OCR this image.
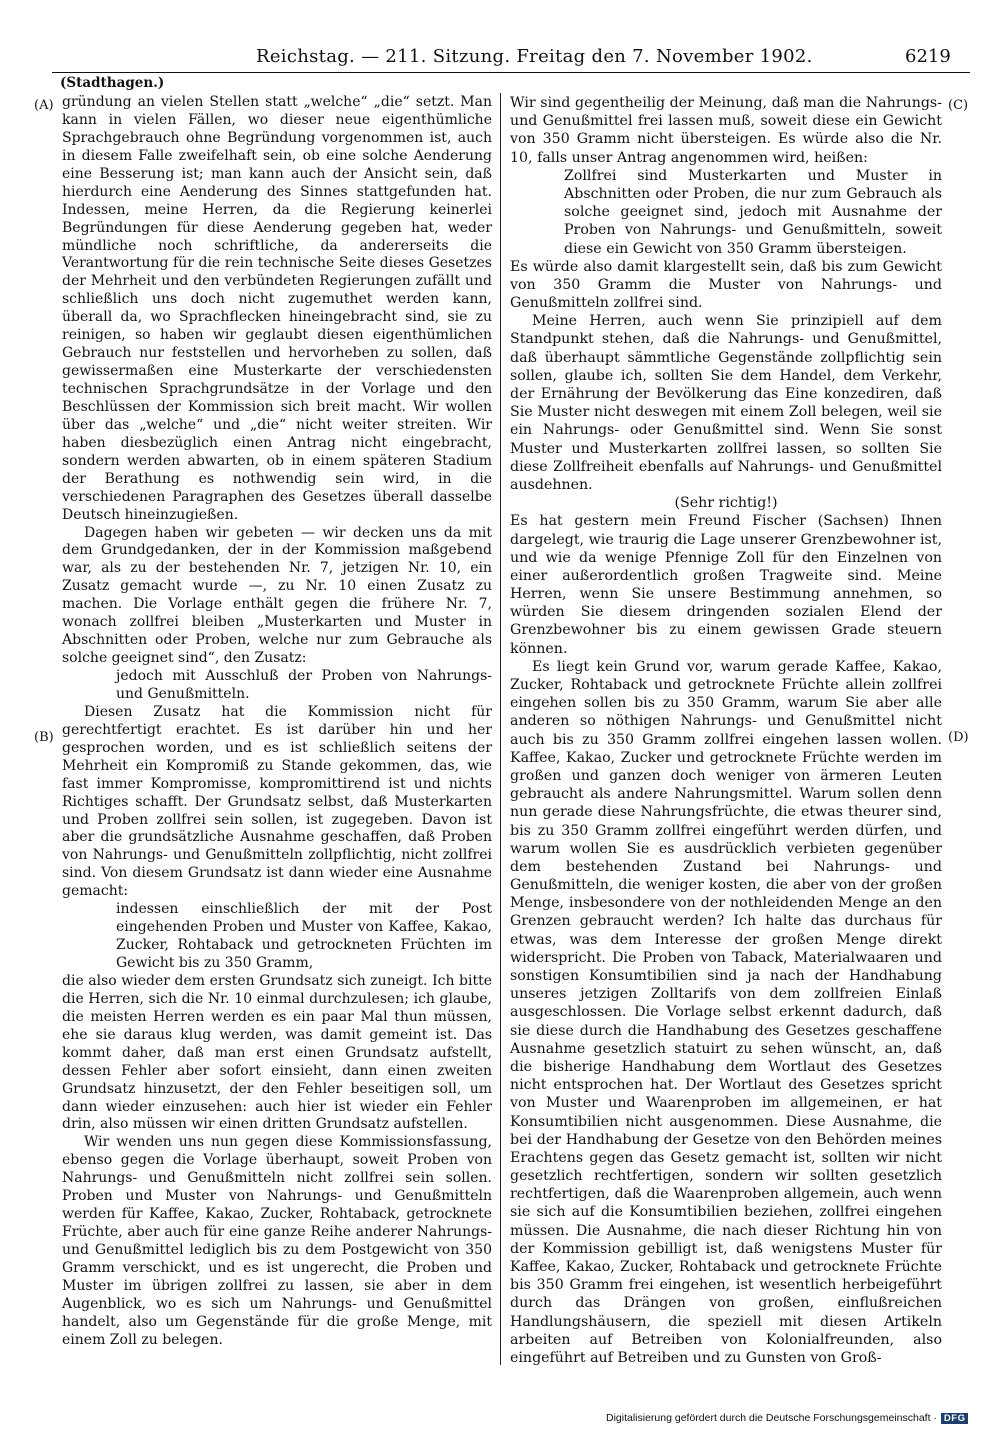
Reichstag. — 211. Sitzung. Freitag den 7. November 1902.	6219
(Stadthagen.)
(A)
(B)
(C)
(D)

gründung an vielen Stellen statt „welche“ „die“ setzt. Man kann in vielen Fällen, wo dieser neue eigenthümliche Sprachgebrauch ohne Begründung vorgenommen ist, auch in diesem Falle zweifelhaft sein, ob eine solche Aenderung eine Besserung ist; man kann auch der Ansicht sein, daß hierdurch eine Aenderung des Sinnes stattgefunden hat. Indessen, meine Herren, da die Regierung keinerlei Begründungen für diese Aenderung gegeben hat, weder mündliche noch schriftliche, da andererseits die Verantwortung für die rein technische Seite dieses Gesetzes der Mehrheit und den verbündeten Regierungen zufällt und schließlich uns doch nicht zugemuthet werden kann, überall da, wo Sprachflecken hineingebracht sind, sie zu reinigen, so haben wir geglaubt diesen eigenthümlichen Gebrauch nur feststellen und hervorheben zu sollen, daß gewissermaßen eine Musterkarte der verschiedensten technischen Sprachgrundsätze in der Vorlage und den Beschlüssen der Kommission sich breit macht. Wir wollen über das „welche“ und „die“ nicht weiter streiten. Wir haben diesbezüglich einen Antrag nicht eingebracht, sondern werden abwarten, ob in einem späteren Stadium der Berathung es nothwendig sein wird, in die verschiedenen Paragraphen des Gesetzes überall dasselbe Deutsch hineinzugießen.

Dagegen haben wir gebeten — wir decken uns da mit dem Grundgedanken, der in der Kommission maßgebend war, als zu der bestehenden Nr. 7, jetzigen Nr. 10, ein Zusatz gemacht wurde —, zu Nr. 10 einen Zusatz zu machen. Die Vorlage enthält gegen die frühere Nr. 7, wonach zollfrei bleiben „Musterkarten und Muster in Abschnitten oder Proben, welche nur zum Gebrauche als solche geeignet sind“, den Zusatz:

jedoch mit Ausschluß der Proben von Nahrungs- und Genußmitteln.

Diesen Zusatz hat die Kommission nicht für gerechtfertigt erachtet. Es ist darüber hin und her gesprochen worden, und es ist schließlich seitens der Mehrheit ein Kompromiß zu Stande gekommen, das, wie fast immer Kompromisse, kompromittirend ist und nichts Richtiges schafft. Der Grundsatz selbst, daß Musterkarten und Proben zollfrei sein sollen, ist zugegeben. Davon ist aber die grundsätzliche Ausnahme geschaffen, daß Proben von Nahrungs- und Genußmitteln zollpflichtig, nicht zollfrei sind. Von diesem Grundsatz ist dann wieder eine Ausnahme gemacht:

indessen einschließlich der mit der Post eingehenden Proben und Muster von Kaffee, Kakao, Zucker, Rohtaback und getrockneten Früchten im Gewicht bis zu 350 Gramm,

die also wieder dem ersten Grundsatz sich zuneigt. Ich bitte die Herren, sich die Nr. 10 einmal durchzulesen; ich glaube, die meisten Herren werden es ein paar Mal thun müssen, ehe sie daraus klug werden, was damit gemeint ist. Das kommt daher, daß man erst einen Grundsatz aufstellt, dessen Fehler aber sofort einsieht, dann einen zweiten Grundsatz hinzusetzt, der den Fehler beseitigen soll, um dann wieder einzusehen: auch hier ist wieder ein Fehler drin, also müssen wir einen dritten Grundsatz aufstellen.

Wir wenden uns nun gegen diese Kommissionsfassung, ebenso gegen die Vorlage überhaupt, soweit Proben von Nahrungs- und Genußmitteln nicht zollfrei sein sollen. Proben und Muster von Nahrungs- und Genußmitteln werden für Kaffee, Kakao, Zucker, Rohtaback, getrocknete Früchte, aber auch für eine ganze Reihe anderer Nahrungs- und Genußmittel lediglich bis zu dem Postgewicht von 350 Gramm verschickt, und es ist ungerecht, die Proben und Muster im übrigen zollfrei zu lassen, sie aber in dem Augenblick, wo es sich um Nahrungs- und Genußmittel handelt, also um Gegenstände für die große Menge, mit einem Zoll zu belegen.

Wir sind gegentheilig der Meinung, daß man die Nahrungs- und Genußmittel frei lassen muß, soweit diese ein Gewicht von 350 Gramm nicht übersteigen. Es würde also die Nr. 10, falls unser Antrag angenommen wird, heißen:

Zollfrei sind Musterkarten und Muster in Abschnitten oder Proben, die nur zum Gebrauch als solche geeignet sind, jedoch mit Ausnahme der Proben von Nahrungs- und Genußmitteln, soweit diese ein Gewicht von 350 Gramm übersteigen.

Es würde also damit klargestellt sein, daß bis zum Gewicht von 350 Gramm die Muster von Nahrungs- und Genußmitteln zollfrei sind.

Meine Herren, auch wenn Sie prinzipiell auf dem Standpunkt stehen, daß die Nahrungs- und Genußmittel, daß überhaupt sämmtliche Gegenstände zollpflichtig sein sollen, glaube ich, sollten Sie dem Handel, dem Verkehr, der Ernährung der Bevölkerung das Eine konzediren, daß Sie Muster nicht deswegen mit einem Zoll belegen, weil sie ein Nahrungs- oder Genußmittel sind. Wenn Sie sonst Muster und Musterkarten zollfrei lassen, so sollten Sie diese Zollfreiheit ebenfalls auf Nahrungs- und Genußmittel ausdehnen.

(Sehr richtig!)

Es hat gestern mein Freund Fischer (Sachsen) Ihnen dargelegt, wie traurig die Lage unserer Grenzbewohner ist, und wie da wenige Pfennige Zoll für den Einzelnen von einer außerordentlich großen Tragweite sind. Meine Herren, wenn Sie unsere Bestimmung annehmen, so würden Sie diesem dringenden sozialen Elend der Grenzbewohner bis zu einem gewissen Grade steuern können.

Es liegt kein Grund vor, warum gerade Kaffee, Kakao, Zucker, Rohtaback und getrocknete Früchte allein zollfrei eingehen sollen bis zu 350 Gramm, warum Sie aber alle anderen so nöthigen Nahrungs- und Genußmittel nicht auch bis zu 350 Gramm zollfrei eingehen lassen wollen. Kaffee, Kakao, Zucker und getrocknete Früchte werden im großen und ganzen doch weniger von ärmeren Leuten gebraucht als andere Nahrungsmittel. Warum sollen denn nun gerade diese Nahrungsfrüchte, die etwas theurer sind, bis zu 350 Gramm zollfrei eingeführt werden dürfen, und warum wollen Sie es ausdrücklich verbieten gegenüber dem bestehenden Zustand bei Nahrungs- und Genußmitteln, die weniger kosten, die aber von der großen Menge, insbesondere von der nothleidenden Menge an den Grenzen gebraucht werden? Ich halte das durchaus für etwas, was dem Interesse der großen Menge direkt widerspricht. Die Proben von Taback, Materialwaaren und sonstigen Konsumtibilien sind ja nach der Handhabung unseres jetzigen Zolltarifs von dem zollfreien Einlaß ausgeschlossen. Die Vorlage selbst erkennt dadurch, daß sie diese durch die Handhabung des Gesetzes geschaffene Ausnahme gesetzlich statuirt zu sehen wünscht, an, daß die bisherige Handhabung dem Wortlaut des Gesetzes nicht entsprochen hat. Der Wortlaut des Gesetzes spricht von Muster und Waarenproben im allgemeinen, er hat Konsumtibilien nicht ausgenommen. Diese Ausnahme, die bei der Handhabung der Gesetze von den Behörden meines Erachtens gegen das Gesetz gemacht ist, sollten wir nicht gesetzlich rechtfertigen, sondern wir sollten gesetzlich rechtfertigen, daß die Waarenproben allgemein, auch wenn sie sich auf die Konsumtibilien beziehen, zollfrei eingehen müssen. Die Ausnahme, die nach dieser Richtung hin von der Kommission gebilligt ist, daß wenigstens Muster für Kaffee, Kakao, Zucker, Rohtaback und getrocknete Früchte bis 350 Gramm frei eingehen, ist wesentlich herbeigeführt durch das Drängen von großen, einflußreichen Handlungshäusern, die speziell mit diesen Artikeln arbeiten auf Betreiben von Kolonialfreunden, also eingeführt auf Betreiben und zu Gunsten von Groß-

Digitalisierung gefördert durch die Deutsche Forschungsgemeinschaft · DFG
